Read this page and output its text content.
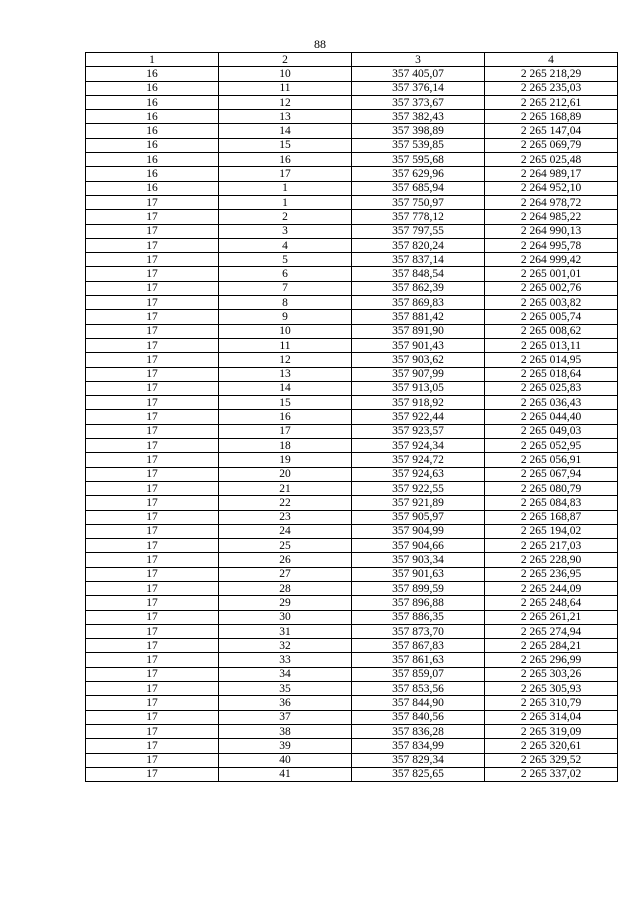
88
1	2	3	4
16	10	357 405,07	2 265 218,29
16	11	357 376,14	2 265 235,03
16	12	357 373,67	2 265 212,61
16	13	357 382,43	2 265 168,89
16	14	357 398,89	2 265 147,04
16	15	357 539,85	2 265 069,79
16	16	357 595,68	2 265 025,48
16	17	357 629,96	2 264 989,17
16	1	357 685,94	2 264 952,10
17	1	357 750,97	2 264 978,72
17	2	357 778,12	2 264 985,22
17	3	357 797,55	2 264 990,13
17	4	357 820,24	2 264 995,78
17	5	357 837,14	2 264 999,42
17	6	357 848,54	2 265 001,01
17	7	357 862,39	2 265 002,76
17	8	357 869,83	2 265 003,82
17	9	357 881,42	2 265 005,74
17	10	357 891,90	2 265 008,62
17	11	357 901,43	2 265 013,11
17	12	357 903,62	2 265 014,95
17	13	357 907,99	2 265 018,64
17	14	357 913,05	2 265 025,83
17	15	357 918,92	2 265 036,43
17	16	357 922,44	2 265 044,40
17	17	357 923,57	2 265 049,03
17	18	357 924,34	2 265 052,95
17	19	357 924,72	2 265 056,91
17	20	357 924,63	2 265 067,94
17	21	357 922,55	2 265 080,79
17	22	357 921,89	2 265 084,83
17	23	357 905,97	2 265 168,87
17	24	357 904,99	2 265 194,02
17	25	357 904,66	2 265 217,03
17	26	357 903,34	2 265 228,90
17	27	357 901,63	2 265 236,95
17	28	357 899,59	2 265 244,09
17	29	357 896,88	2 265 248,64
17	30	357 886,35	2 265 261,21
17	31	357 873,70	2 265 274,94
17	32	357 867,83	2 265 284,21
17	33	357 861,63	2 265 296,99
17	34	357 859,07	2 265 303,26
17	35	357 853,56	2 265 305,93
17	36	357 844,90	2 265 310,79
17	37	357 840,56	2 265 314,04
17	38	357 836,28	2 265 319,09
17	39	357 834,99	2 265 320,61
17	40	357 829,34	2 265 329,52
17	41	357 825,65	2 265 337,02
